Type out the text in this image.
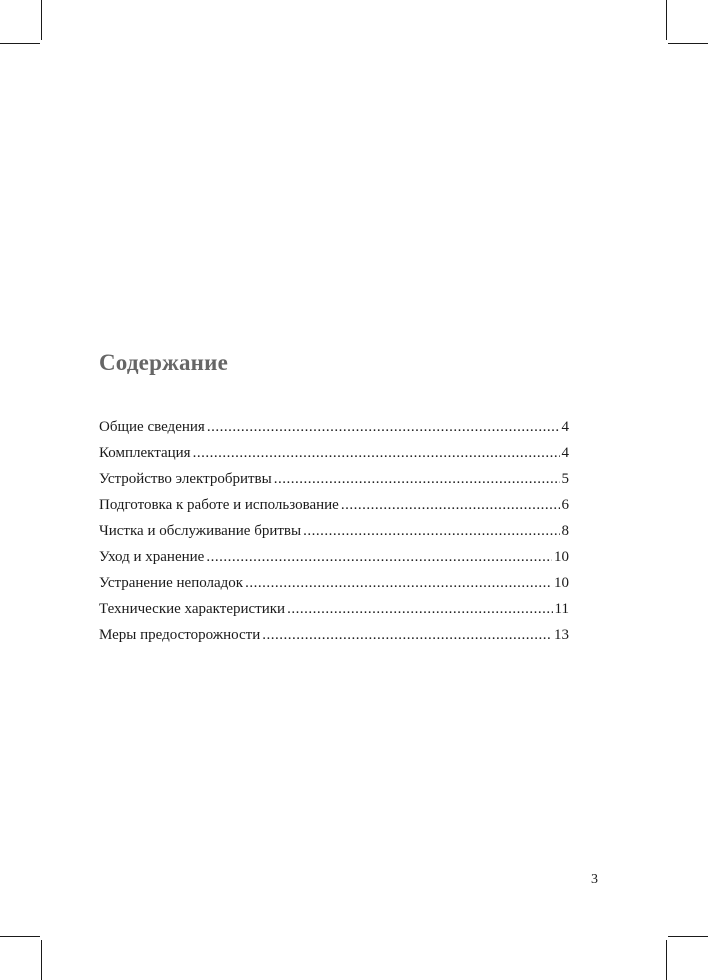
Содержание
Общие сведения .....	4
Комплектация .....	4
Устройство электробритвы .....	5
Подготовка к работе и использование .....	6
Чистка и обслуживание бритвы .....	8
Уход и хранение .....	10
Устранение неполадок .....	10
Технические характеристики .....	11
Меры предосторожности .....	13
3
